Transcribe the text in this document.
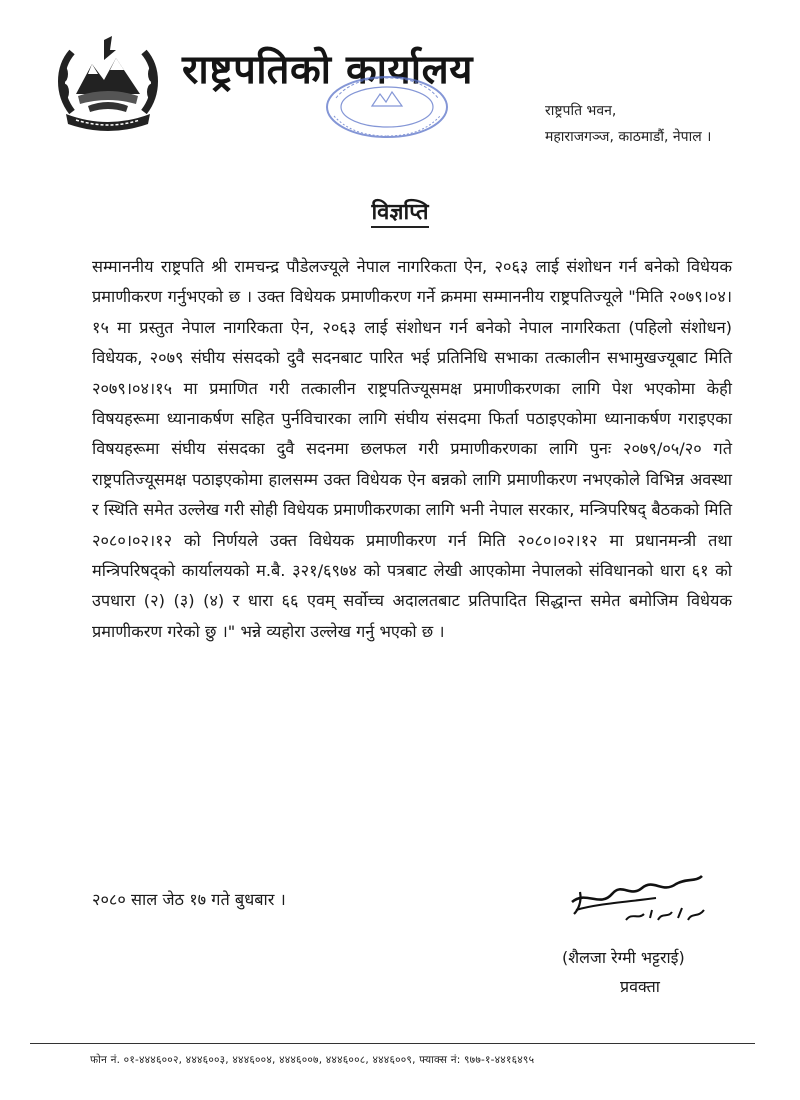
राष्ट्रपतिको कार्यालय
राष्ट्रपति भवन,
महाराजगञ्ज, काठमाडौं, नेपाल ।
विज्ञप्ति

सम्माननीय राष्ट्रपति श्री रामचन्द्र पौडेलज्यूले नेपाल नागरिकता ऐन, २०६३ लाई संशोधन गर्न बनेको विधेयक प्रमाणीकरण गर्नुभएको छ । उक्त विधेयक प्रमाणीकरण गर्ने क्रममा सम्माननीय राष्ट्रपतिज्यूले "मिति २०७९।०४।१५ मा प्रस्तुत नेपाल नागरिकता ऐन, २०६३ लाई संशोधन गर्न बनेको नेपाल नागरिकता (पहिलो संशोधन) विधेयक, २०७९ संघीय संसदको दुवै सदनबाट पारित भई प्रतिनिधि सभाका तत्कालीन सभामुखज्यूबाट मिति २०७९।०४।१५ मा प्रमाणित गरी तत्कालीन राष्ट्रपतिज्यूसमक्ष प्रमाणीकरणका लागि पेश भएकोमा केही विषयहरूमा ध्यानाकर्षण सहित पुर्नविचारका लागि संघीय संसदमा फिर्ता पठाइएकोमा ध्यानाकर्षण गराइएका विषयहरूमा संघीय संसदका दुवै सदनमा छलफल गरी प्रमाणीकरणका लागि पुनः २०७९/०५/२० गते राष्ट्रपतिज्यूसमक्ष पठाइएकोमा हालसम्म उक्त विधेयक ऐन बन्नको लागि प्रमाणीकरण नभएकोले विभिन्न अवस्था र स्थिति समेत उल्लेख गरी सोही विधेयक प्रमाणीकरणका लागि भनी नेपाल सरकार, मन्त्रिपरिषद् बैठकको मिति २०८०।०२।१२ को निर्णयले उक्त विधेयक प्रमाणीकरण गर्न मिति २०८०।०२।१२ मा प्रधानमन्त्री तथा मन्त्रिपरिषद्को कार्यालयको म.बै. ३२१/६९७४ को पत्रबाट लेखी आएकोमा नेपालको संविधानको धारा ६१ को उपधारा (२) (३) (४) र धारा ६६ एवम् सर्वोच्च अदालतबाट प्रतिपादित सिद्धान्त समेत बमोजिम विधेयक प्रमाणीकरण गरेको छु ।" भन्ने व्यहोरा उल्लेख गर्नु भएको छ ।

२०८० साल जेठ १७ गते बुधबार ।
(शैलजा रेग्मी भट्टराई)
प्रवक्ता
फोन नं. ०१-४४४६००२, ४४४६००३, ४४४६००४, ४४४६००७, ४४४६००८, ४४४६००९, फ्याक्स नं: ९७७-१-४४१६४९५
